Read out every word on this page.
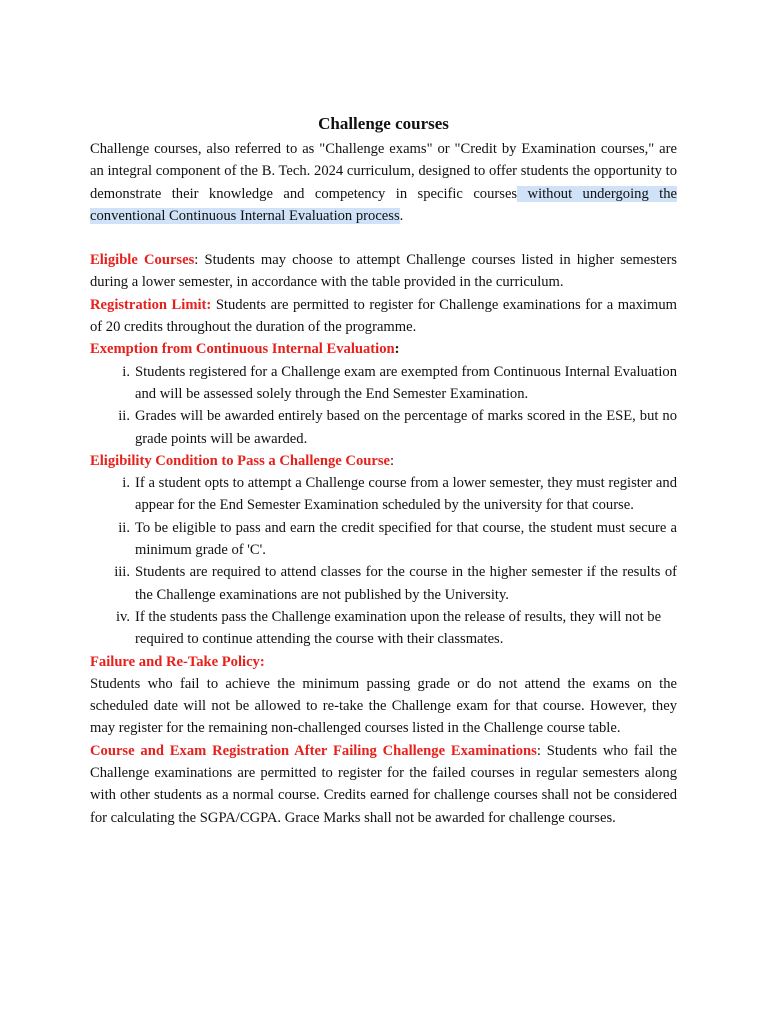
Challenge courses

Challenge courses, also referred to as "Challenge exams" or "Credit by Examination courses," are an integral component of the B. Tech. 2024 curriculum, designed to offer students the opportunity to demonstrate their knowledge and competency in specific courses without undergoing the conventional Continuous Internal Evaluation process.

Eligible Courses: Students may choose to attempt Challenge courses listed in higher semesters during a lower semester, in accordance with the table provided in the curriculum.

Registration Limit: Students are permitted to register for Challenge examinations for a maximum of 20 credits throughout the duration of the programme.

Exemption from Continuous Internal Evaluation:

i. Students registered for a Challenge exam are exempted from Continuous Internal Evaluation and will be assessed solely through the End Semester Examination.
ii. Grades will be awarded entirely based on the percentage of marks scored in the ESE, but no grade points will be awarded.

Eligibility Condition to Pass a Challenge Course:

i. If a student opts to attempt a Challenge course from a lower semester, they must register and appear for the End Semester Examination scheduled by the university for that course.
ii. To be eligible to pass and earn the credit specified for that course, the student must secure a minimum grade of 'C'.
iii. Students are required to attend classes for the course in the higher semester if the results of the Challenge examinations are not published by the University.
iv. If the students pass the Challenge examination upon the release of results, they will not be required to continue attending the course with their classmates.

Failure and Re-Take Policy:

Students who fail to achieve the minimum passing grade or do not attend the exams on the scheduled date will not be allowed to re-take the Challenge exam for that course. However, they may register for the remaining non-challenged courses listed in the Challenge course table.

Course and Exam Registration After Failing Challenge Examinations: Students who fail the Challenge examinations are permitted to register for the failed courses in regular semesters along with other students as a normal course. Credits earned for challenge courses shall not be considered for calculating the SGPA/CGPA. Grace Marks shall not be awarded for challenge courses.
